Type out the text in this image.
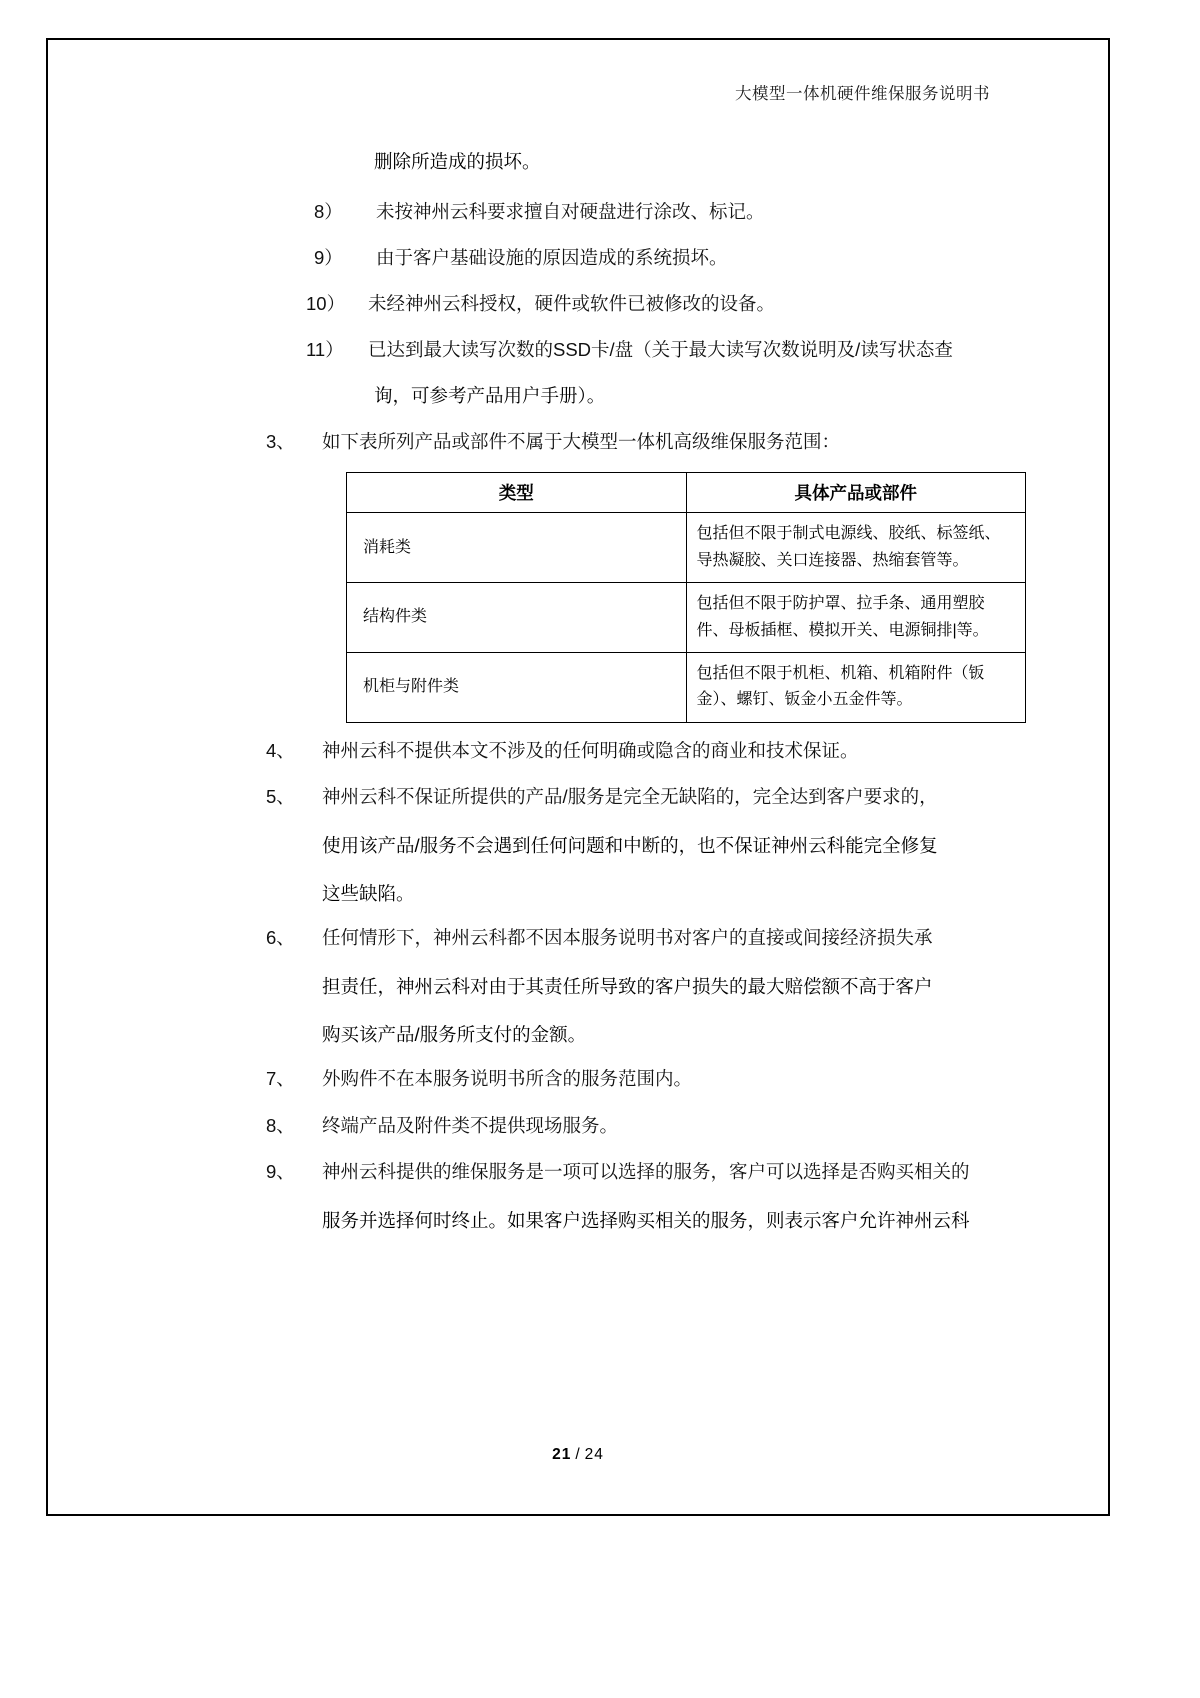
大模型一体机硬件维保服务说明书
删除所造成的损坏。
8）	未按神州云科要求擅自对硬盘进行涂改、标记。
9）	由于客户基础设施的原因造成的系统损坏。
10）	未经神州云科授权，硬件或软件已被修改的设备。
11）	已达到最大读写次数的SSD卡/盘（关于最大读写次数说明及/读写状态查
询，可参考产品用户手册）。
3、	如下表所列产品或部件不属于大模型一体机高级维保服务范围：
类型	具体产品或部件
消耗类	包括但不限于制式电源线、胶纸、标签纸、导热凝胶、关口连接器、热缩套管等。
结构件类	包括但不限于防护罩、拉手条、通用塑胶件、母板插框、模拟开关、电源铜排|等。
机柜与附件类	包括但不限于机柜、机箱、机箱附件（钣金）、螺钉、钣金小五金件等。
4、	神州云科不提供本文不涉及的任何明确或隐含的商业和技术保证。
5、	神州云科不保证所提供的产品/服务是完全无缺陷的，完全达到客户要求的，
使用该产品/服务不会遇到任何问题和中断的，也不保证神州云科能完全修复
这些缺陷。
6、	任何情形下，神州云科都不因本服务说明书对客户的直接或间接经济损失承
担责任，神州云科对由于其责任所导致的客户损失的最大赔偿额不高于客户
购买该产品/服务所支付的金额。
7、	外购件不在本服务说明书所含的服务范围内。
8、	终端产品及附件类不提供现场服务。
9、	神州云科提供的维保服务是一项可以选择的服务，客户可以选择是否购买相关的
服务并选择何时终止。如果客户选择购买相关的服务，则表示客户允许神州云科
21 / 24
